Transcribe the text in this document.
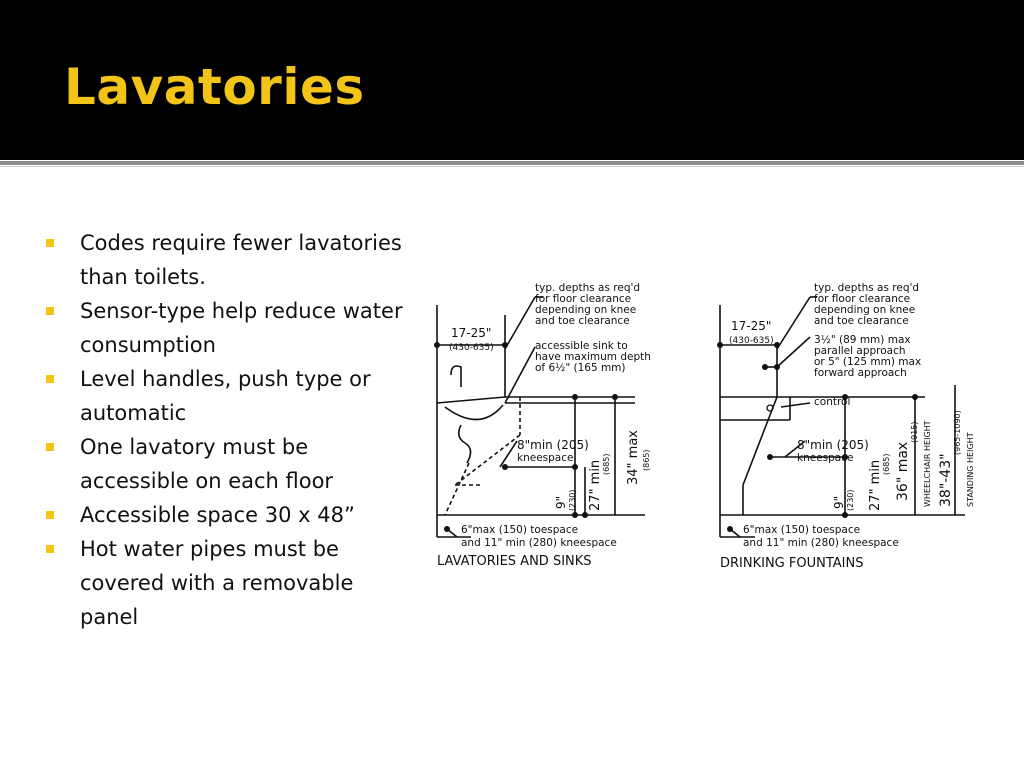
Lavatories
Codes require fewer lavatories than toilets.
Sensor-type help reduce water consumption
Level handles, push type or automatic
One lavatory must be accessible on each floor
Accessible space 30 x 48”
Hot water pipes must be covered with a removable panel
17-25"
(430-635)
typ. depths as req'd
for floor clearance
depending on knee
and toe clearance
accessible sink to
have maximum depth
of 6½" (165 mm)
8"min (205)
kneespace
9" (230) 27" min (685) 34" max (865)
6"max (150) toespace
and 11" min (280) kneespace
LAVATORIES AND SINKS
17-25"
(430-635)
typ. depths as req'd
for floor clearance
depending on knee
and toe clearance
3½" (89 mm) max
parallel approach
or 5" (125 mm) max
forward approach
control
8"min (205)
kneespace
9" (230) 27" min (685) 36" max
(915) WHEELCHAIR HEIGHT 38"-43"
(965-1090) STANDING HEIGHT
6"max (150) toespace
and 11" min (280) kneespace
DRINKING FOUNTAINS
